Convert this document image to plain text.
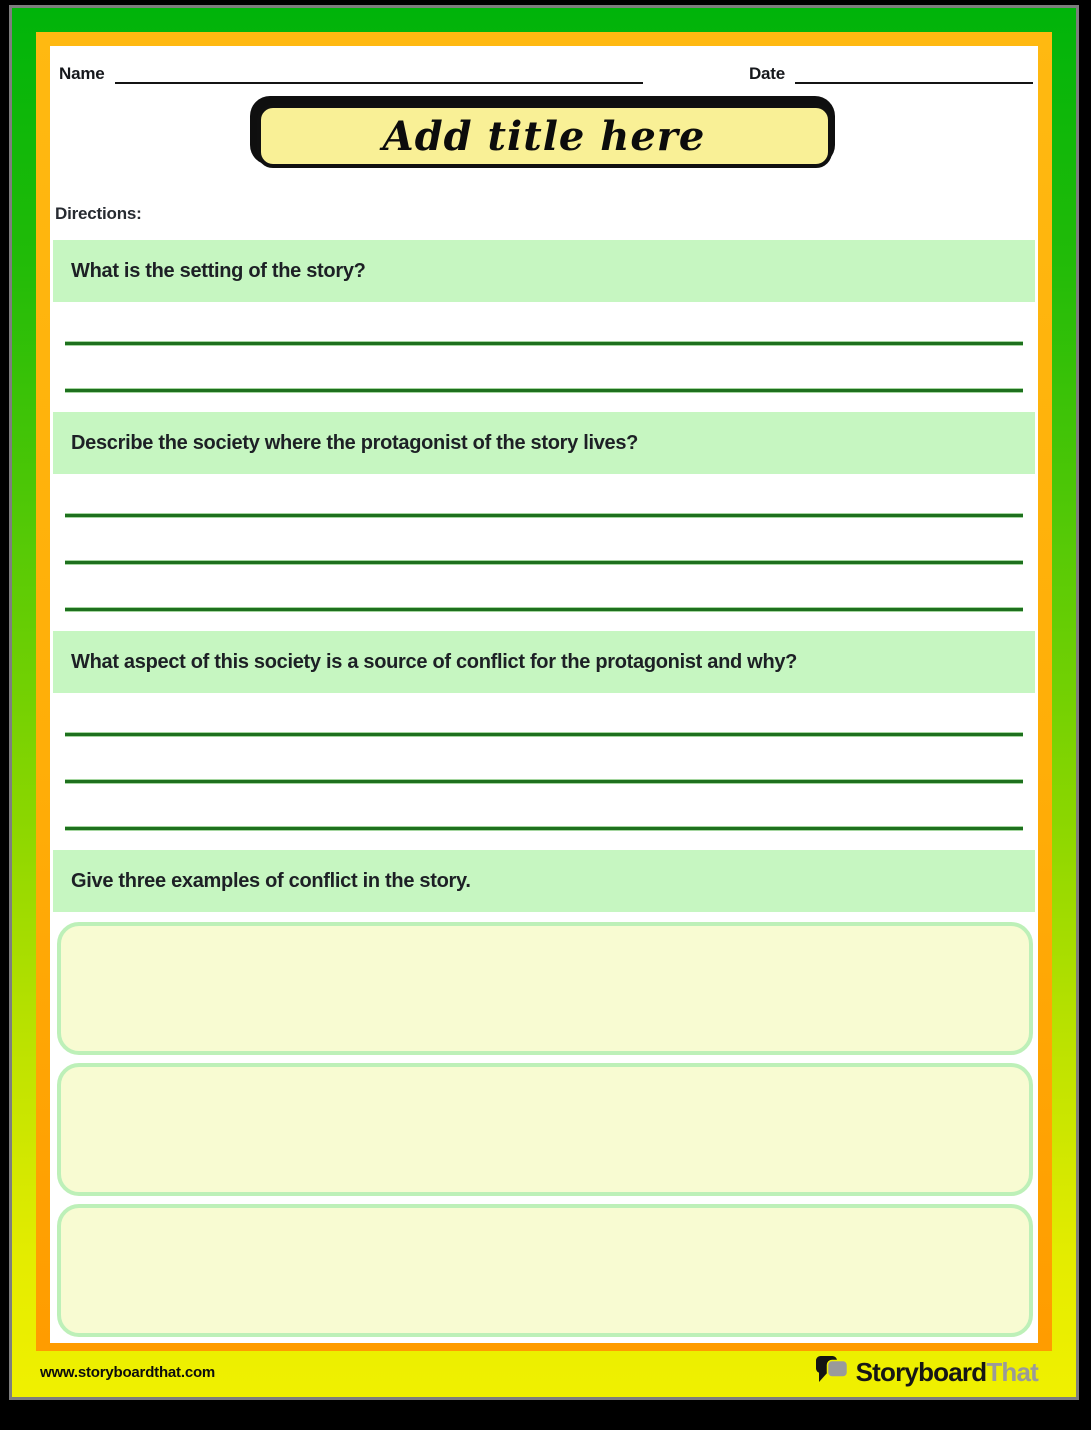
Name	Date
Add title here
Directions:
What is the setting of the story?
Describe the society where the protagonist of the story lives?
What aspect of this society is a source of conflict for the protagonist and why?
Give three examples of conflict in the story.
www.storyboardthat.com	StoryboardThat
